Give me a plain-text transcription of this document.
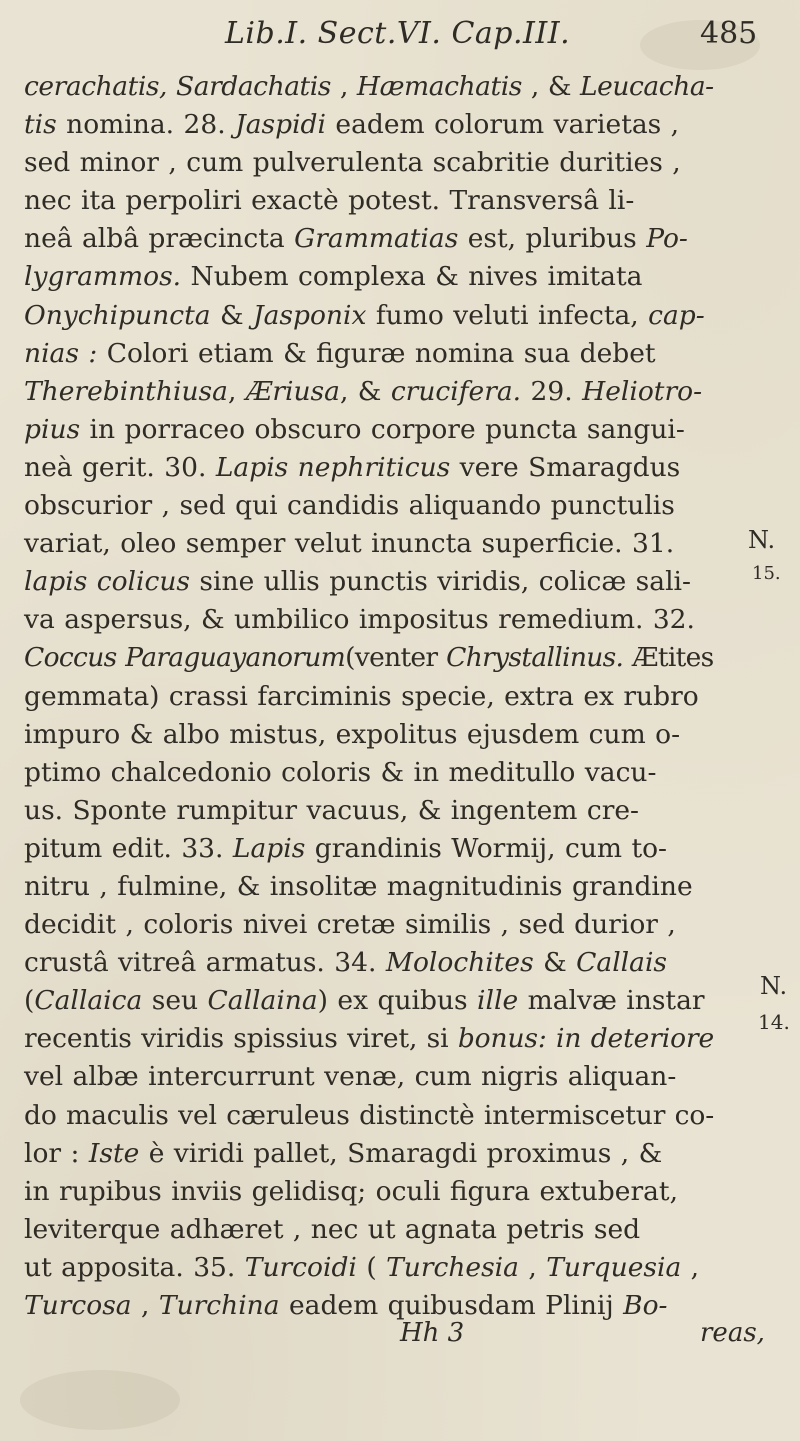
Lib.I. Sect.VI. Cap.III.	485
cerachatis, Sardachatis , Hæmachatis , & Leucacha-
tis nomina. 28. Jaspidi eadem colorum varietas ,
sed minor , cum pulverulenta scabritie durities ,
nec ita perpoliri exactè potest. Transversâ li-
neâ albâ præcincta Grammatias est, pluribus Po-
lygrammos. Nubem complexa & nives imitata
Onychipuncta & Jasponix fumo veluti infecta, cap-
nias : Colori etiam & figuræ nomina sua debet
Therebinthiusa, Æriusa, & crucifera. 29. Heliotro-
pius in porraceo obscuro corpore puncta sangui-
neà gerit. 30. Lapis nephriticus vere Smaragdus
obscurior , sed qui candidis aliquando punctulis
variat, oleo semper velut inuncta superficie. 31.
lapis colicus sine ullis punctis viridis, colicæ sali-
va aspersus, & umbilico impositus remedium. 32.
Coccus Paraguayanorum(venter Chrystallinus. Ætites
gemmata) crassi farciminis specie, extra ex rubro
impuro & albo mistus, expolitus ejusdem cum o-
ptimo chalcedonio coloris & in meditullo vacu-
us. Sponte rumpitur vacuus, & ingentem cre-
pitum edit. 33. Lapis grandinis Wormij, cum to-
nitru , fulmine, & insolitæ magnitudinis grandine
decidit , coloris nivei cretæ similis , sed durior ,
crustâ vitreâ armatus. 34. Molochites & Callais
(Callaica seu Callaina) ex quibus ille malvæ instar
recentis viridis spissius viret, si bonus: in deteriore
vel albæ intercurrunt venæ, cum nigris aliquan-
do maculis vel cæruleus distinctè intermiscetur co-
lor : Iste è viridi pallet, Smaragdi proximus , &
in rupibus inviis gelidisq; oculi figura extuberat,
leviterque adhæret , nec ut agnata petris sed
ut apposita. 35. Turcoidi ( Turchesia , Turquesia ,
Turcosa , Turchina eadem quibusdam Plinij Bo-
N.
15.
N.
14.
Hh 3	reas,
